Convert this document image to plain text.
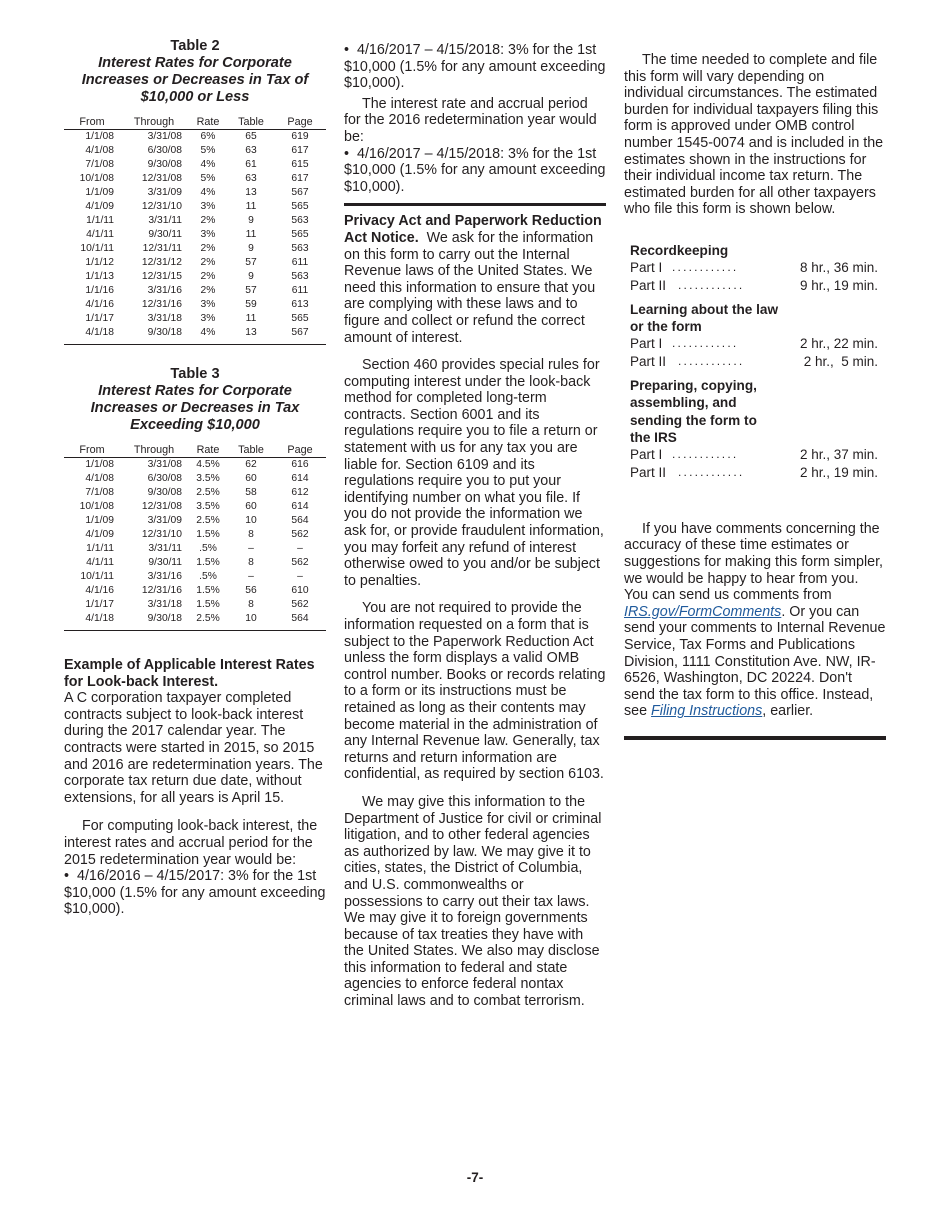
Table 2
Interest Rates for Corporate Increases or Decreases in Tax of $10,000 or Less
From	Through	Rate	Table	Page
1/1/08	3/31/08	6%	65	619
4/1/08	6/30/08	5%	63	617
7/1/08	9/30/08	4%	61	615
10/1/08	12/31/08	5%	63	617
1/1/09	3/31/09	4%	13	567
4/1/09	12/31/10	3%	11	565
1/1/11	3/31/11	2%	9	563
4/1/11	9/30/11	3%	11	565
10/1/11	12/31/11	2%	9	563
1/1/12	12/31/12	2%	57	611
1/1/13	12/31/15	2%	9	563
1/1/16	3/31/16	2%	57	611
4/1/16	12/31/16	3%	59	613
1/1/17	3/31/18	3%	11	565
4/1/18	9/30/18	4%	13	567
Table 3
Interest Rates for Corporate Increases or Decreases in Tax Exceeding $10,000
From	Through	Rate	Table	Page
1/1/08	3/31/08	4.5%	62	616
4/1/08	6/30/08	3.5%	60	614
7/1/08	9/30/08	2.5%	58	612
10/1/08	12/31/08	3.5%	60	614
1/1/09	3/31/09	2.5%	10	564
4/1/09	12/31/10	1.5%	8	562
1/1/11	3/31/11	.5%	–	–
4/1/11	9/30/11	1.5%	8	562
10/1/11	3/31/16	.5%	–	–
4/1/16	12/31/16	1.5%	56	610
1/1/17	3/31/18	1.5%	8	562
4/1/18	9/30/18	2.5%	10	564

Example of Applicable Interest Rates for Look-back Interest.

A C corporation taxpayer completed contracts subject to look-back interest during the 2017 calendar year. The contracts were started in 2015, so 2015 and 2016 are redetermination years. The corporate tax return due date, without extensions, for all years is April 15.

For computing look-back interest, the interest rates and accrual period for the 2015 redetermination year would be:

• 4/16/2016 – 4/15/2017: 3% for the 1st $10,000 (1.5% for any amount exceeding $10,000).

• 4/16/2017 – 4/15/2018: 3% for the 1st $10,000 (1.5% for any amount exceeding $10,000).

The interest rate and accrual period for the 2016 redetermination year would be:

• 4/16/2017 – 4/15/2018: 3% for the 1st $10,000 (1.5% for any amount exceeding $10,000).

Privacy Act and Paperwork Reduction Act Notice. We ask for the information on this form to carry out the Internal Revenue laws of the United States. We need this information to ensure that you are complying with these laws and to figure and collect or refund the correct amount of interest.

Section 460 provides special rules for computing interest under the look-back method for completed long-term contracts. Section 6001 and its regulations require you to file a return or statement with us for any tax you are liable for. Section 6109 and its regulations require you to put your identifying number on what you file. If you do not provide the information we ask for, or provide fraudulent information, you may forfeit any refund of interest otherwise owed to you and/or be subject to penalties.

You are not required to provide the information requested on a form that is subject to the Paperwork Reduction Act unless the form displays a valid OMB control number. Books or records relating to a form or its instructions must be retained as long as their contents may become material in the administration of any Internal Revenue law. Generally, tax returns and return information are confidential, as required by section 6103.

We may give this information to the Department of Justice for civil or criminal litigation, and to other federal agencies as authorized by law. We may give it to cities, states, the District of Columbia, and U.S. commonwealths or possessions to carry out their tax laws. We may give it to foreign governments because of tax treaties they have with the United States. We also may disclose this information to federal and state agencies to enforce federal nontax criminal laws and to combat terrorism.

The time needed to complete and file this form will vary depending on individual circumstances. The estimated burden for individual taxpayers filing this form is approved under OMB control number 1545-0074 and is included in the estimates shown in the instructions for their individual income tax return. The estimated burden for all other taxpayers who file this form is shown below.

Recordkeeping
Part I ............	8 hr., 36 min.
Part II ............	9 hr., 19 min.
Learning about the law or the form
Part I ............	2 hr., 22 min.
Part II ............	2 hr.,  5 min.
Preparing, copying, assembling, and sending the form to the IRS
Part I ............	2 hr., 37 min.
Part II ............	2 hr., 19 min.

If you have comments concerning the accuracy of these time estimates or suggestions for making this form simpler, we would be happy to hear from you. You can send us comments from IRS.gov/FormComments. Or you can send your comments to Internal Revenue Service, Tax Forms and Publications Division, 1111 Constitution Ave. NW, IR-6526, Washington, DC 20224. Don't send the tax form to this office. Instead, see Filing Instructions, earlier.

-7-
